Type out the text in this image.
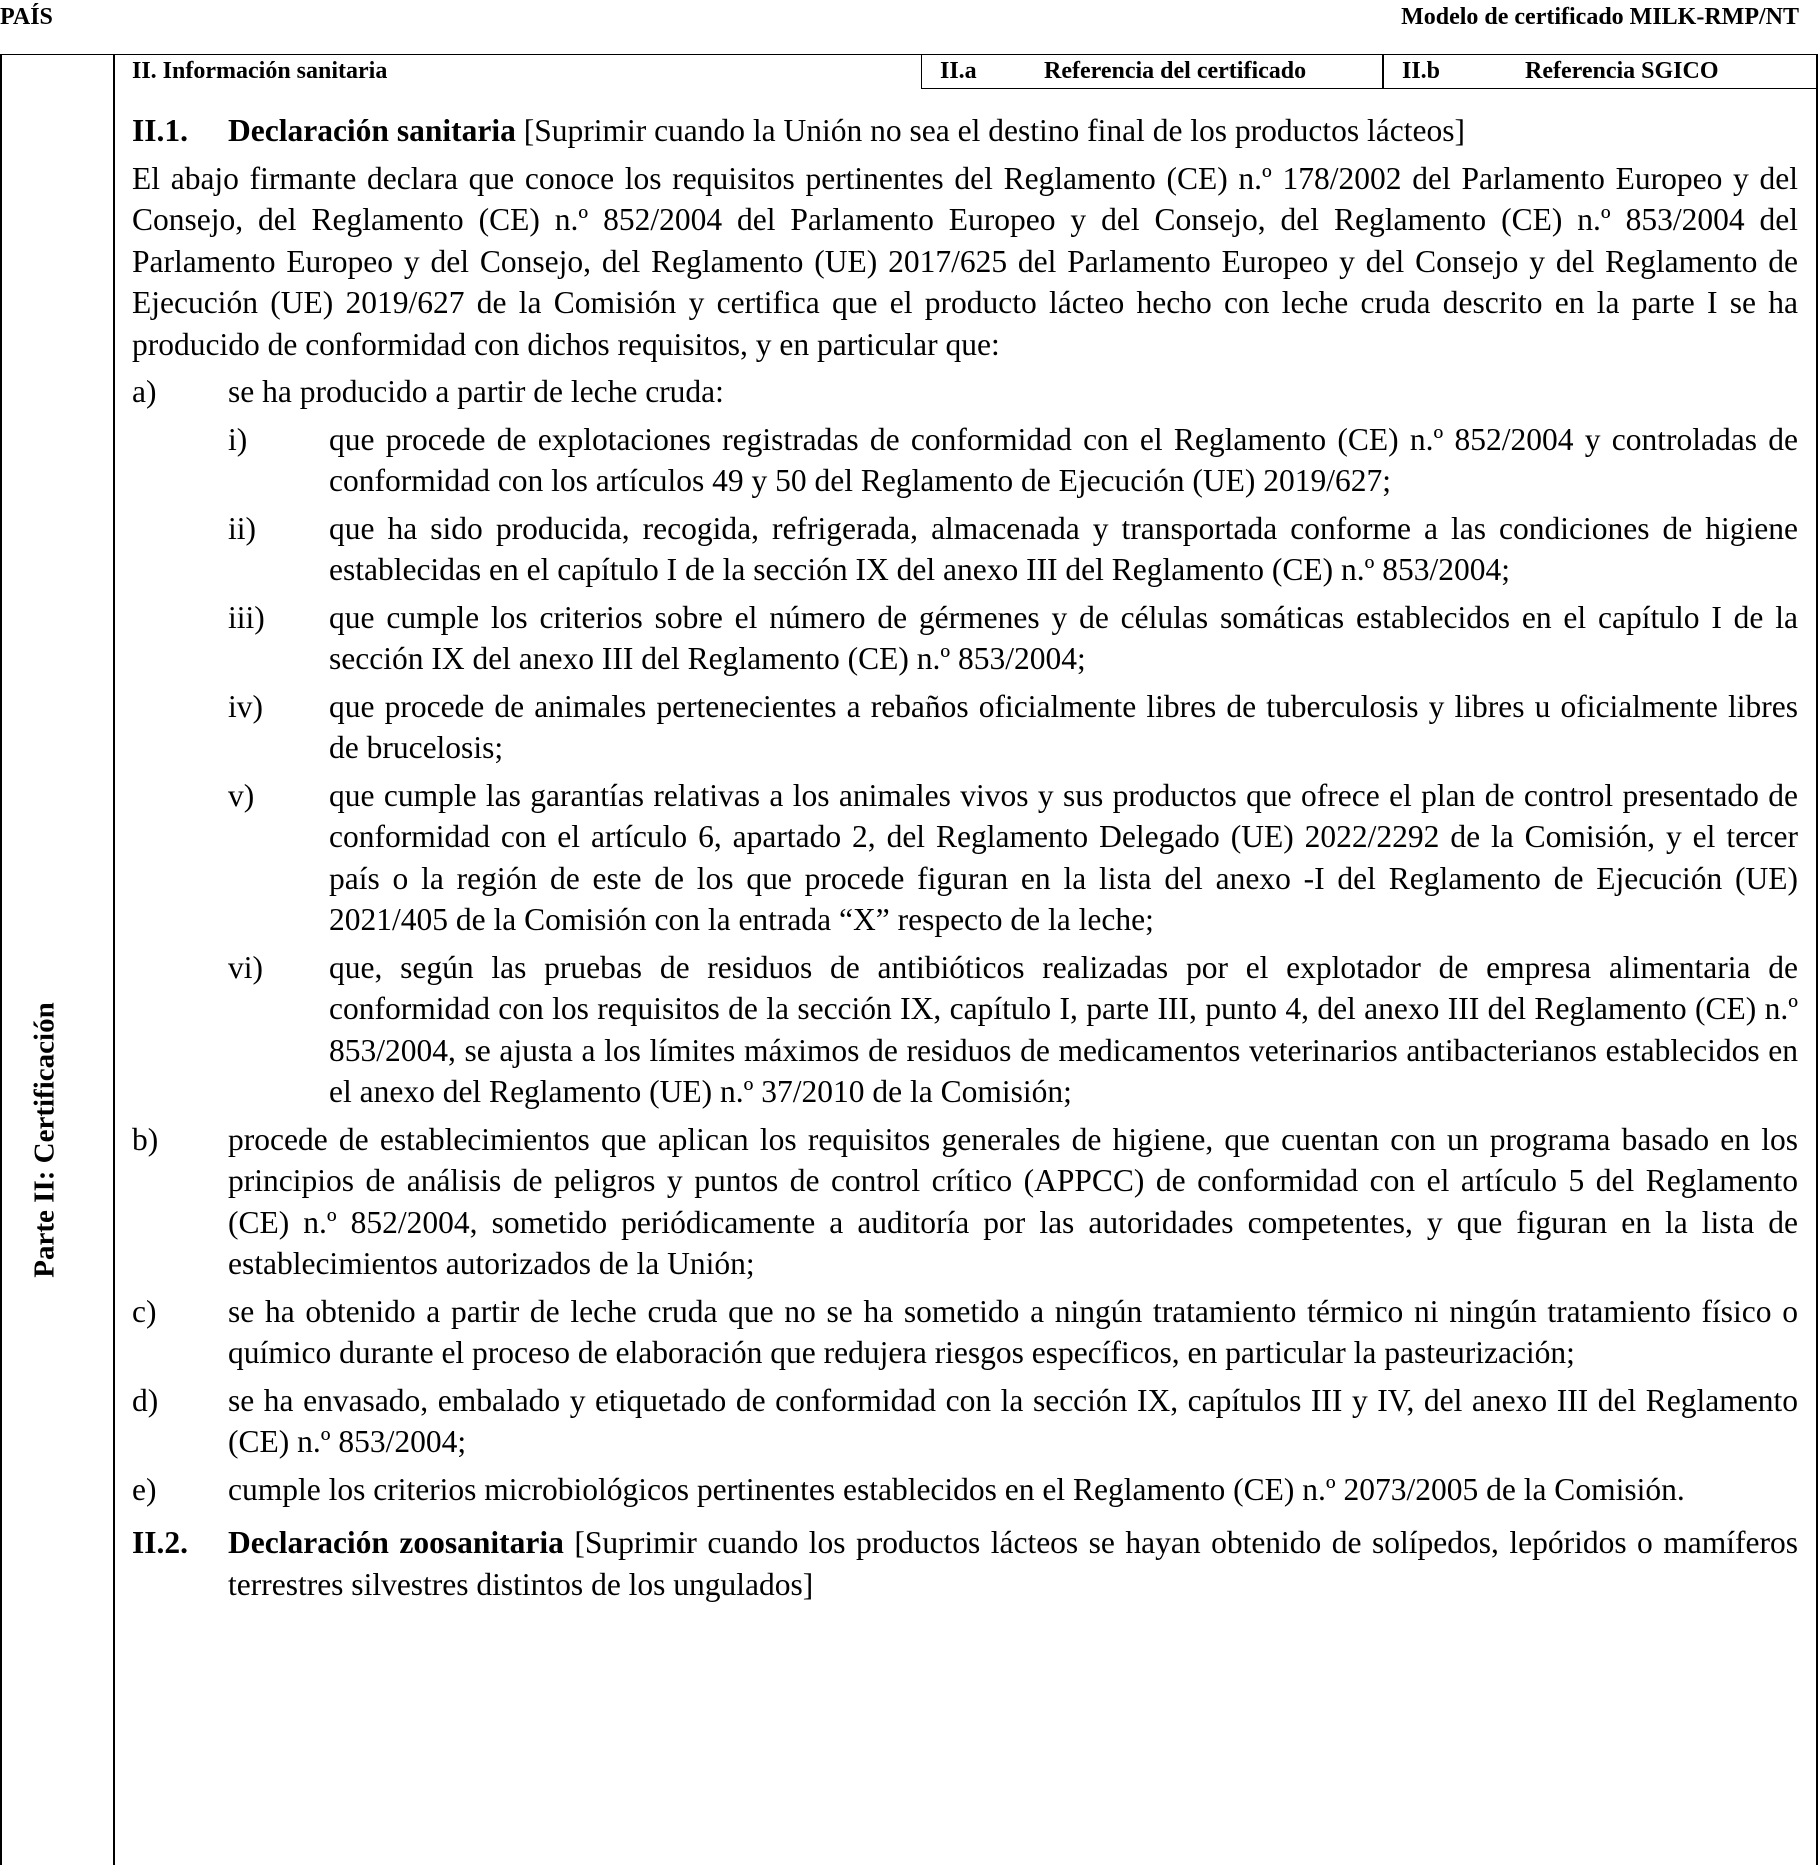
PAÍS	Modelo de certificado MILK-RMP/NT
Parte II: Certificación
II. Información sanitaria	II.a	Referencia del certificado	II.b	Referencia SGICO
II.1.	Declaración sanitaria [Suprimir cuando la Unión no sea el destino final de los productos lácteos]

El abajo firmante declara que conoce los requisitos pertinentes del Reglamento (CE) n.º 178/2002 del Parlamento Europeo y del Consejo, del Reglamento (CE) n.º 852/2004 del Parlamento Europeo y del Consejo, del Reglamento (CE) n.º 853/2004 del Parlamento Europeo y del Consejo, del Reglamento (UE) 2017/625 del Parlamento Europeo y del Consejo y del Reglamento de Ejecución (UE) 2019/627 de la Comisión y certifica que el producto lácteo hecho con leche cruda descrito en la parte I se ha producido de conformidad con dichos requisitos, y en particular que:

a)	se ha producido a partir de leche cruda:
i)	que procede de explotaciones registradas de conformidad con el Reglamento (CE) n.º 852/2004 y controladas de conformidad con los artículos 49 y 50 del Reglamento de Ejecución (UE) 2019/627;
ii)	que ha sido producida, recogida, refrigerada, almacenada y transportada conforme a las condiciones de higiene establecidas en el capítulo I de la sección IX del anexo III del Reglamento (CE) n.º 853/2004;
iii)	que cumple los criterios sobre el número de gérmenes y de células somáticas establecidos en el capítulo I de la sección IX del anexo III del Reglamento (CE) n.º 853/2004;
iv)	que procede de animales pertenecientes a rebaños oficialmente libres de tuberculosis y libres u oficialmente libres de brucelosis;
v)	que cumple las garantías relativas a los animales vivos y sus productos que ofrece el plan de control presentado de conformidad con el artículo 6, apartado 2, del Reglamento Delegado (UE) 2022/2292 de la Comisión, y el tercer país o la región de este de los que procede figuran en la lista del anexo -I del Reglamento de Ejecución (UE) 2021/405 de la Comisión con la entrada “X” respecto de la leche;
vi)	que, según las pruebas de residuos de antibióticos realizadas por el explotador de empresa alimentaria de conformidad con los requisitos de la sección IX, capítulo I, parte III, punto 4, del anexo III del Reglamento (CE) n.º 853/2004, se ajusta a los límites máximos de residuos de medicamentos veterinarios antibacterianos establecidos en el anexo del Reglamento (UE) n.º 37/2010 de la Comisión;
b)	procede de establecimientos que aplican los requisitos generales de higiene, que cuentan con un programa basado en los principios de análisis de peligros y puntos de control crítico (APPCC) de conformidad con el artículo 5 del Reglamento (CE) n.º 852/2004, sometido periódicamente a auditoría por las autoridades competentes, y que figuran en la lista de establecimientos autorizados de la Unión;
c)	se ha obtenido a partir de leche cruda que no se ha sometido a ningún tratamiento térmico ni ningún tratamiento físico o químico durante el proceso de elaboración que redujera riesgos específicos, en particular la pasteurización;
d)	se ha envasado, embalado y etiquetado de conformidad con la sección IX, capítulos III y IV, del anexo III del Reglamento (CE) n.º 853/2004;
e)	cumple los criterios microbiológicos pertinentes establecidos en el Reglamento (CE) n.º 2073/2005 de la Comisión.
II.2.	Declaración zoosanitaria [Suprimir cuando los productos lácteos se hayan obtenido de solípedos, lepóridos o mamíferos terrestres silvestres distintos de los ungulados]
